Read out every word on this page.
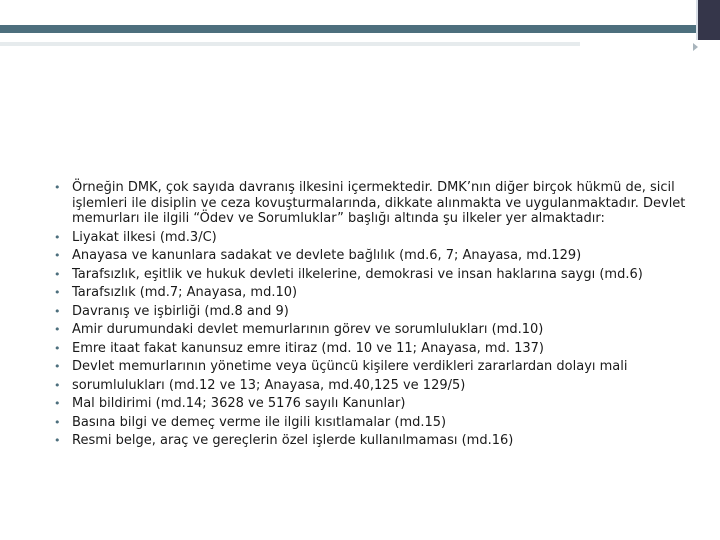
• Örneğin DMK, çok sayıda davranış ilkesini içermektedir. DMK’nın diğer birçok hükmü de, sicil işlemleri ile disiplin ve ceza kovuşturmalarında, dikkate alınmakta ve uygulanmaktadır. Devlet memurları ile ilgili “Ödev ve Sorumluklar” başlığı altında şu ilkeler yer almaktadır:
• Liyakat ilkesi (md.3/C)
• Anayasa ve kanunlara sadakat ve devlete bağlılık (md.6, 7; Anayasa, md.129)
• Tarafsızlık, eşitlik ve hukuk devleti ilkelerine, demokrasi ve insan haklarına saygı (md.6)
• Tarafsızlık (md.7; Anayasa, md.10)
• Davranış ve işbirliği (md.8 and 9)
• Amir durumundaki devlet memurlarının görev ve sorumlulukları (md.10)
• Emre itaat fakat kanunsuz emre itiraz (md. 10 ve 11; Anayasa, md. 137)
• Devlet memurlarının yönetime veya üçüncü kişilere verdikleri zararlardan dolayı mali
• sorumlulukları (md.12 ve 13; Anayasa, md.40,125 ve 129/5)
• Mal bildirimi (md.14; 3628 ve 5176 sayılı Kanunlar)
• Basına bilgi ve demeç verme ile ilgili kısıtlamalar (md.15)
• Resmi belge, araç ve gereçlerin özel işlerde kullanılmaması (md.16)
